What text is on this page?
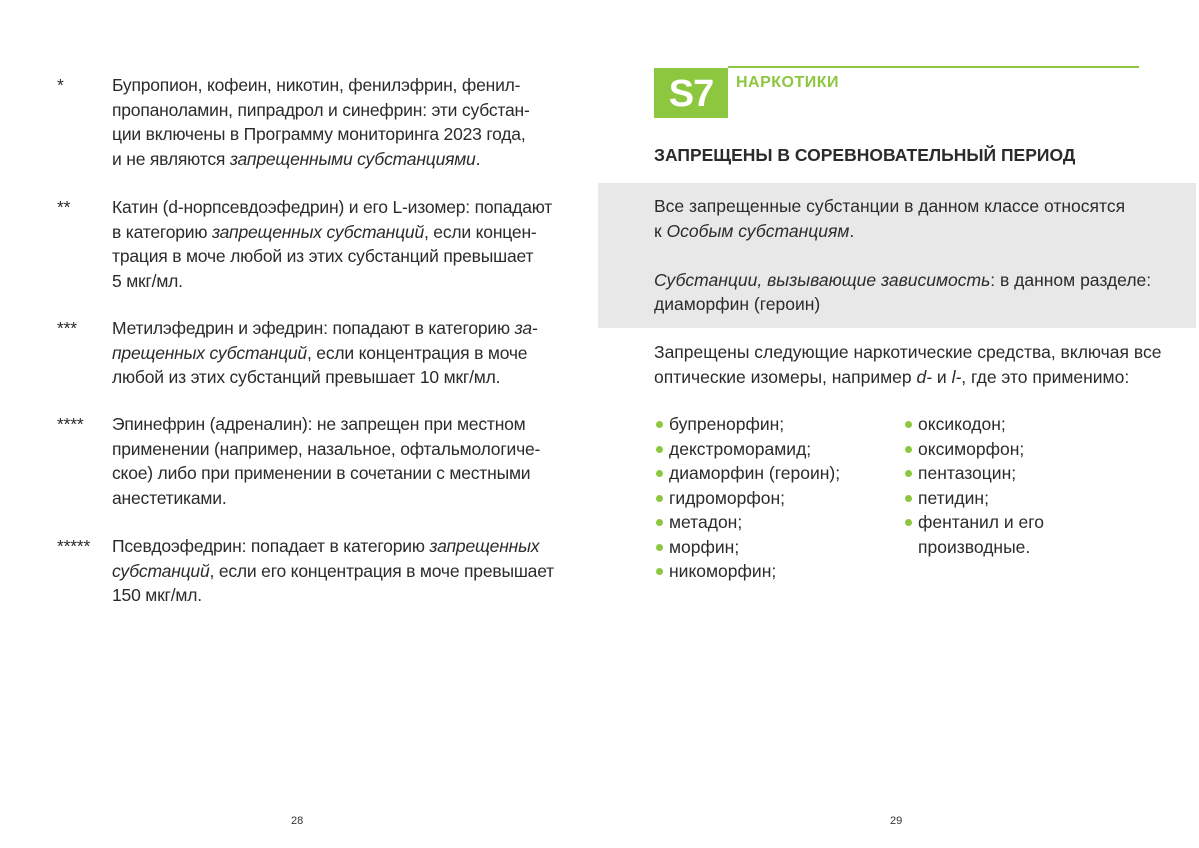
*	Бупропион, кофеин, никотин, фенилэфрин, фенил-
пропаноламин, пипрадрол и синефрин: эти субстан-
ции включены в Программу мониторинга 2023 года,
и не являются запрещенными субстанциями.
**	Катин (d-норпсевдоэфедрин) и его L-изомер: попадают
в категорию запрещенных субстанций, если концен-
трация в моче любой из этих субстанций превышает
5 мкг/мл.
***	Метилэфедрин и эфедрин: попадают в категорию за-
прещенных субстанций, если концентрация в моче
любой из этих субстанций превышает 10 мкг/мл.
****	Эпинефрин (адреналин): не запрещен при местном
применении (например, назальное, офтальмологиче-
ское) либо при применении в сочетании с местными
анестетиками.
*****	Псевдоэфедрин: попадает в категорию запрещенных
субстанций, если его концентрация в моче превышает
150 мкг/мл.
28
S7	НАРКОТИКИ
ЗАПРЕЩЕНЫ В СОРЕВНОВАТЕЛЬНЫЙ ПЕРИОД
Все запрещенные субстанции в данном классе относятся
к Особым субстанциям.
Субстанции, вызывающие зависимость: в данном разделе:
диаморфин (героин)
Запрещены следующие наркотические средства, включая все
оптические изомеры, например d- и l-, где это применимо:
бупренорфин;
декстроморамид;
диаморфин (героин);
гидроморфон;
метадон;
морфин;
никоморфин;
оксикодон;
оксиморфон;
пентазоцин;
петидин;
фентанил и его
производные.
29
